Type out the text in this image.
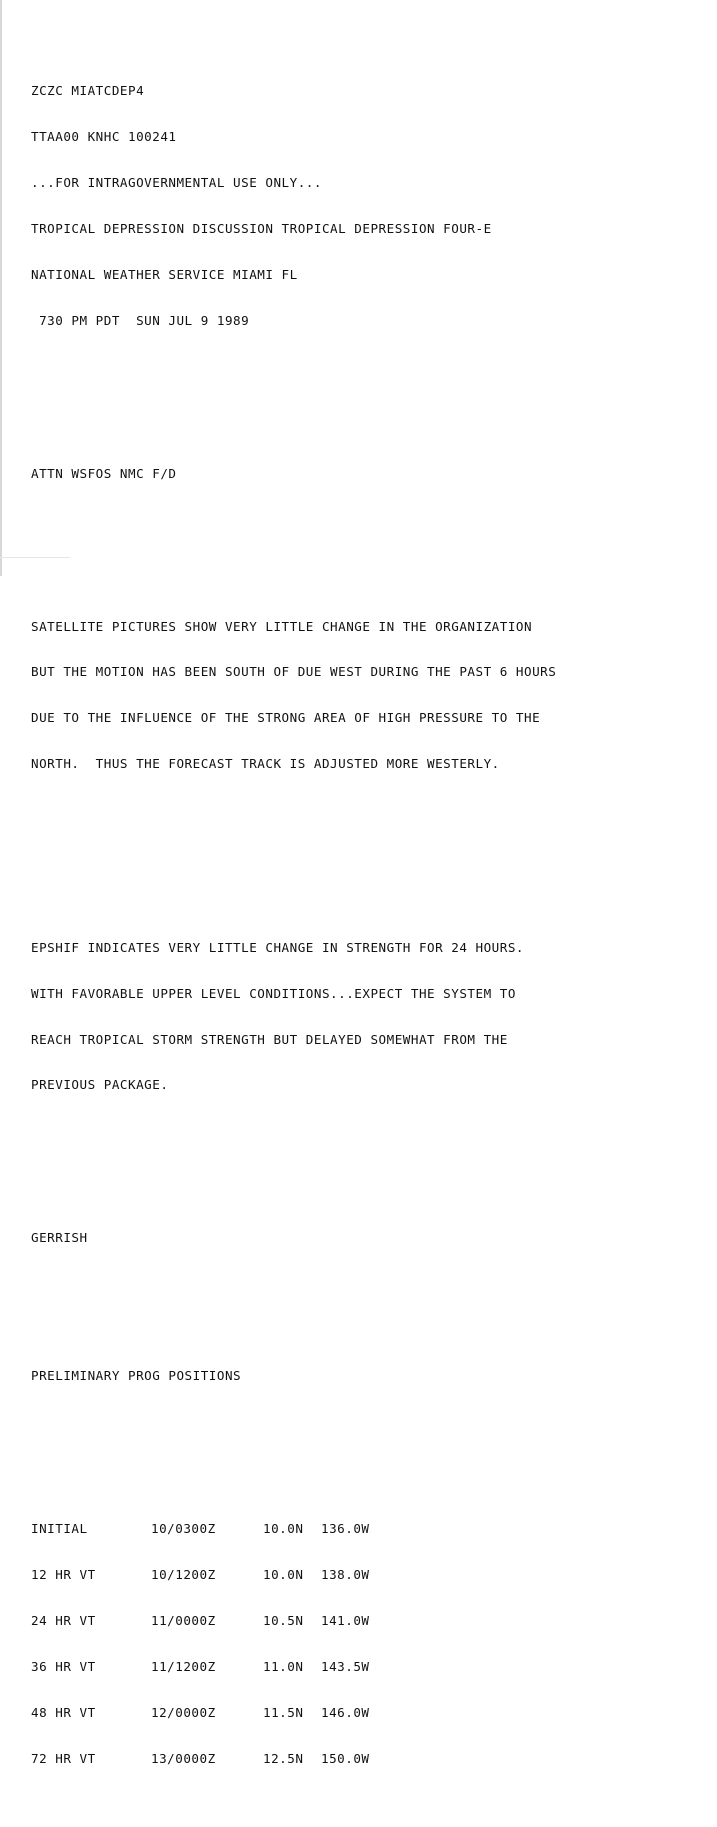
ZCZC MIATCDEP4

TTAA00 KNHC 100241

...FOR INTRAGOVERNMENTAL USE ONLY...

TROPICAL DEPRESSION DISCUSSION TROPICAL DEPRESSION FOUR-E

NATIONAL WEATHER SERVICE MIAMI FL

730 PM PDT  SUN JUL 9 1989

ATTN WSFOS NMC F/D

SATELLITE PICTURES SHOW VERY LITTLE CHANGE IN THE ORGANIZATION

BUT THE MOTION HAS BEEN SOUTH OF DUE WEST DURING THE PAST 6 HOURS

DUE TO THE INFLUENCE OF THE STRONG AREA OF HIGH PRESSURE TO THE

NORTH.  THUS THE FORECAST TRACK IS ADJUSTED MORE WESTERLY.

EPSHIF INDICATES VERY LITTLE CHANGE IN STRENGTH FOR 24 HOURS.

WITH FAVORABLE UPPER LEVEL CONDITIONS...EXPECT THE SYSTEM TO

REACH TROPICAL STORM STRENGTH BUT DELAYED SOMEWHAT FROM THE

PREVIOUS PACKAGE.

GERRISH

PRELIMINARY PROG POSITIONS

INITIAL	10/0300Z	10.0N	136.0W

12 HR VT	10/1200Z	10.0N	138.0W

24 HR VT	11/0000Z	10.5N	141.0W

36 HR VT	11/1200Z	11.0N	143.5W

48 HR VT	12/0000Z	11.5N	146.0W

72 HR VT	13/0000Z	12.5N	150.0W
